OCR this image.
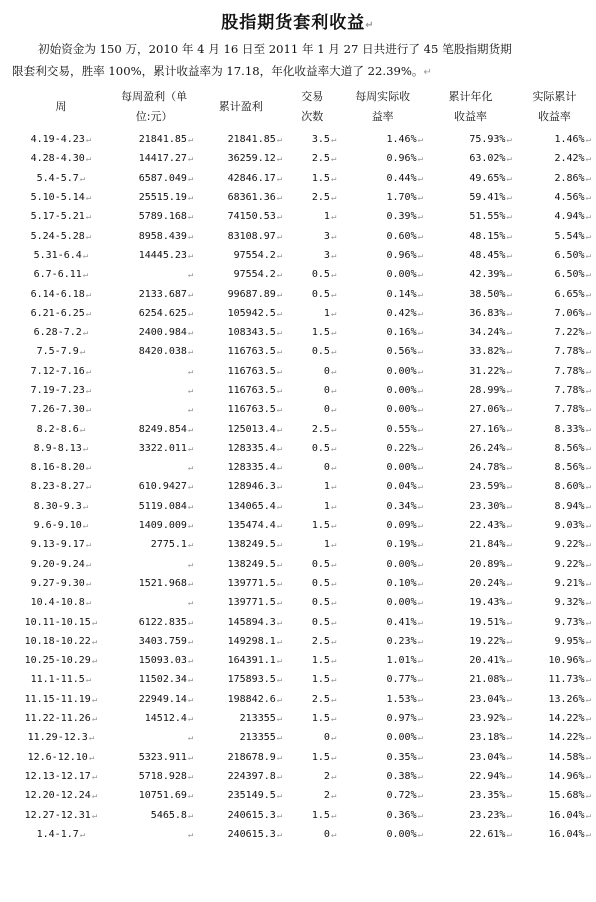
股指期货套利收益↵
初始资金为 150 万，2010 年 4 月 16 日至 2011 年 1 月 27 日共进行了 45 笔股指期货期
限套利交易，胜率 100%，累计收益率为 17.18，年化收益率大道了 22.39%。↵
周	每周盈利（单
位:元）	累计盈利	交易
次数	每周实际收
益率	累计年化
收益率	实际累计
收益率
4.19-4.23↵	21841.85↵	21841.85↵	3.5↵	1.46%↵	75.93%↵	1.46%↵
4.28-4.30↵	14417.27↵	36259.12↵	2.5↵	0.96%↵	63.02%↵	2.42%↵
5.4-5.7↵	6587.049↵	42846.17↵	1.5↵	0.44%↵	49.65%↵	2.86%↵
5.10-5.14↵	25515.19↵	68361.36↵	2.5↵	1.70%↵	59.41%↵	4.56%↵
5.17-5.21↵	5789.168↵	74150.53↵	1↵	0.39%↵	51.55%↵	4.94%↵
5.24-5.28↵	8958.439↵	83108.97↵	3↵	0.60%↵	48.15%↵	5.54%↵
5.31-6.4↵	14445.23↵	97554.2↵	3↵	0.96%↵	48.45%↵	6.50%↵
6.7-6.11↵	↵	97554.2↵	0.5↵	0.00%↵	42.39%↵	6.50%↵
6.14-6.18↵	2133.687↵	99687.89↵	0.5↵	0.14%↵	38.50%↵	6.65%↵
6.21-6.25↵	6254.625↵	105942.5↵	1↵	0.42%↵	36.83%↵	7.06%↵
6.28-7.2↵	2400.984↵	108343.5↵	1.5↵	0.16%↵	34.24%↵	7.22%↵
7.5-7.9↵	8420.038↵	116763.5↵	0.5↵	0.56%↵	33.82%↵	7.78%↵
7.12-7.16↵	↵	116763.5↵	0↵	0.00%↵	31.22%↵	7.78%↵
7.19-7.23↵	↵	116763.5↵	0↵	0.00%↵	28.99%↵	7.78%↵
7.26-7.30↵	↵	116763.5↵	0↵	0.00%↵	27.06%↵	7.78%↵
8.2-8.6↵	8249.854↵	125013.4↵	2.5↵	0.55%↵	27.16%↵	8.33%↵
8.9-8.13↵	3322.011↵	128335.4↵	0.5↵	0.22%↵	26.24%↵	8.56%↵
8.16-8.20↵	↵	128335.4↵	0↵	0.00%↵	24.78%↵	8.56%↵
8.23-8.27↵	610.9427↵	128946.3↵	1↵	0.04%↵	23.59%↵	8.60%↵
8.30-9.3↵	5119.084↵	134065.4↵	1↵	0.34%↵	23.30%↵	8.94%↵
9.6-9.10↵	1409.009↵	135474.4↵	1.5↵	0.09%↵	22.43%↵	9.03%↵
9.13-9.17↵	2775.1↵	138249.5↵	1↵	0.19%↵	21.84%↵	9.22%↵
9.20-9.24↵	↵	138249.5↵	0.5↵	0.00%↵	20.89%↵	9.22%↵
9.27-9.30↵	1521.968↵	139771.5↵	0.5↵	0.10%↵	20.24%↵	9.21%↵
10.4-10.8↵	↵	139771.5↵	0.5↵	0.00%↵	19.43%↵	9.32%↵
10.11-10.15↵	6122.835↵	145894.3↵	0.5↵	0.41%↵	19.51%↵	9.73%↵
10.18-10.22↵	3403.759↵	149298.1↵	2.5↵	0.23%↵	19.22%↵	9.95%↵
10.25-10.29↵	15093.03↵	164391.1↵	1.5↵	1.01%↵	20.41%↵	10.96%↵
11.1-11.5↵	11502.34↵	175893.5↵	1.5↵	0.77%↵	21.08%↵	11.73%↵
11.15-11.19↵	22949.14↵	198842.6↵	2.5↵	1.53%↵	23.04%↵	13.26%↵
11.22-11.26↵	14512.4↵	213355↵	1.5↵	0.97%↵	23.92%↵	14.22%↵
11.29-12.3↵	↵	213355↵	0↵	0.00%↵	23.18%↵	14.22%↵
12.6-12.10↵	5323.911↵	218678.9↵	1.5↵	0.35%↵	23.04%↵	14.58%↵
12.13-12.17↵	5718.928↵	224397.8↵	2↵	0.38%↵	22.94%↵	14.96%↵
12.20-12.24↵	10751.69↵	235149.5↵	2↵	0.72%↵	23.35%↵	15.68%↵
12.27-12.31↵	5465.8↵	240615.3↵	1.5↵	0.36%↵	23.23%↵	16.04%↵
1.4-1.7↵	↵	240615.3↵	0↵	0.00%↵	22.61%↵	16.04%↵
